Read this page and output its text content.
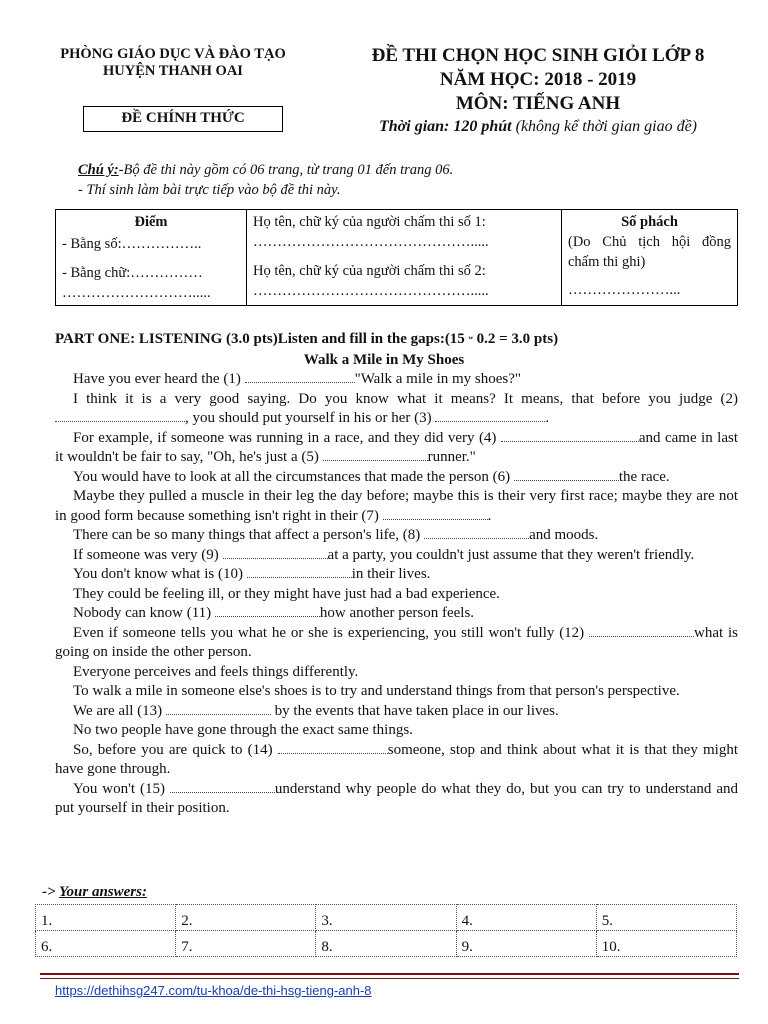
PHÒNG GIÁO DỤC VÀ ĐÀO TẠO
HUYỆN THANH OAI
ĐỀ CHÍNH THỨC
ĐỀ THI CHỌN HỌC SINH GIỎI LỚP 8
NĂM HỌC: 2018 - 2019
MÔN: TIẾNG ANH
Thời gian: 120 phút (không kể thời gian giao đề)
Chú ý:-Bộ đề thi này gồm có 06 trang, từ trang 01 đến trang 06.
- Thí sinh làm bài trực tiếp vào bộ đề thi này.
Điểm
- Bằng số:……………..
- Bằng chữ:……………
……………………….....

Họ tên, chữ ký của người chấm thi số 1:
……………………………………….....
Họ tên, chữ ký của người chấm thi số 2:
……………………………………….....

Số phách
(Do Chủ tịch hội đồng chấm thi ghi)
…………………...
PART ONE: LISTENING (3.0 pts)Listen and fill in the gaps:(15 ᵕ 0.2 = 3.0 pts)
Walk a Mile in My Shoes

Have you ever heard the (1)	"Walk a mile in my shoes?"

I think it is a very good saying. Do you know what it means? It means, that before you judge (2) , you should put yourself in his or her (3)	.

For example, if someone was running in a race, and they did very (4)	and came in last it wouldn't be fair to say, "Oh, he's just a (5)	runner."

You would have to look at all the circumstances that made the person (6)	the race.

Maybe they pulled a muscle in their leg the day before; maybe this is their very first race; maybe they are not in good form because something isn't right in their (7)	.

There can be so many things that affect a person's life, (8)	and moods.

If someone was very (9)	at a party, you couldn't just assume that they weren't friendly.

You don't know what is (10)	in their lives.

They could be feeling ill, or they might have just had a bad experience.

Nobody can know (11)	how another person feels.

Even if someone tells you what he or she is experiencing, you still won't fully (12)	what is going on inside the other person.

Everyone perceives and feels things differently.

To walk a mile in someone else's shoes is to try and understand things from that person's perspective.

We are all (13)	by the events that have taken place in our lives.

No two people have gone through the exact same things.

So, before you are quick to (14)	someone, stop and think about what it is that they might have gone through.

You won't (15)	understand why people do what they do, but you can try to understand and put yourself in their position.

-> Your answers:
1.	2.	3.	4.	5.
6.	7.	8.	9.	10.
https://dethihsg247.com/tu-khoa/de-thi-hsg-tieng-anh-8
